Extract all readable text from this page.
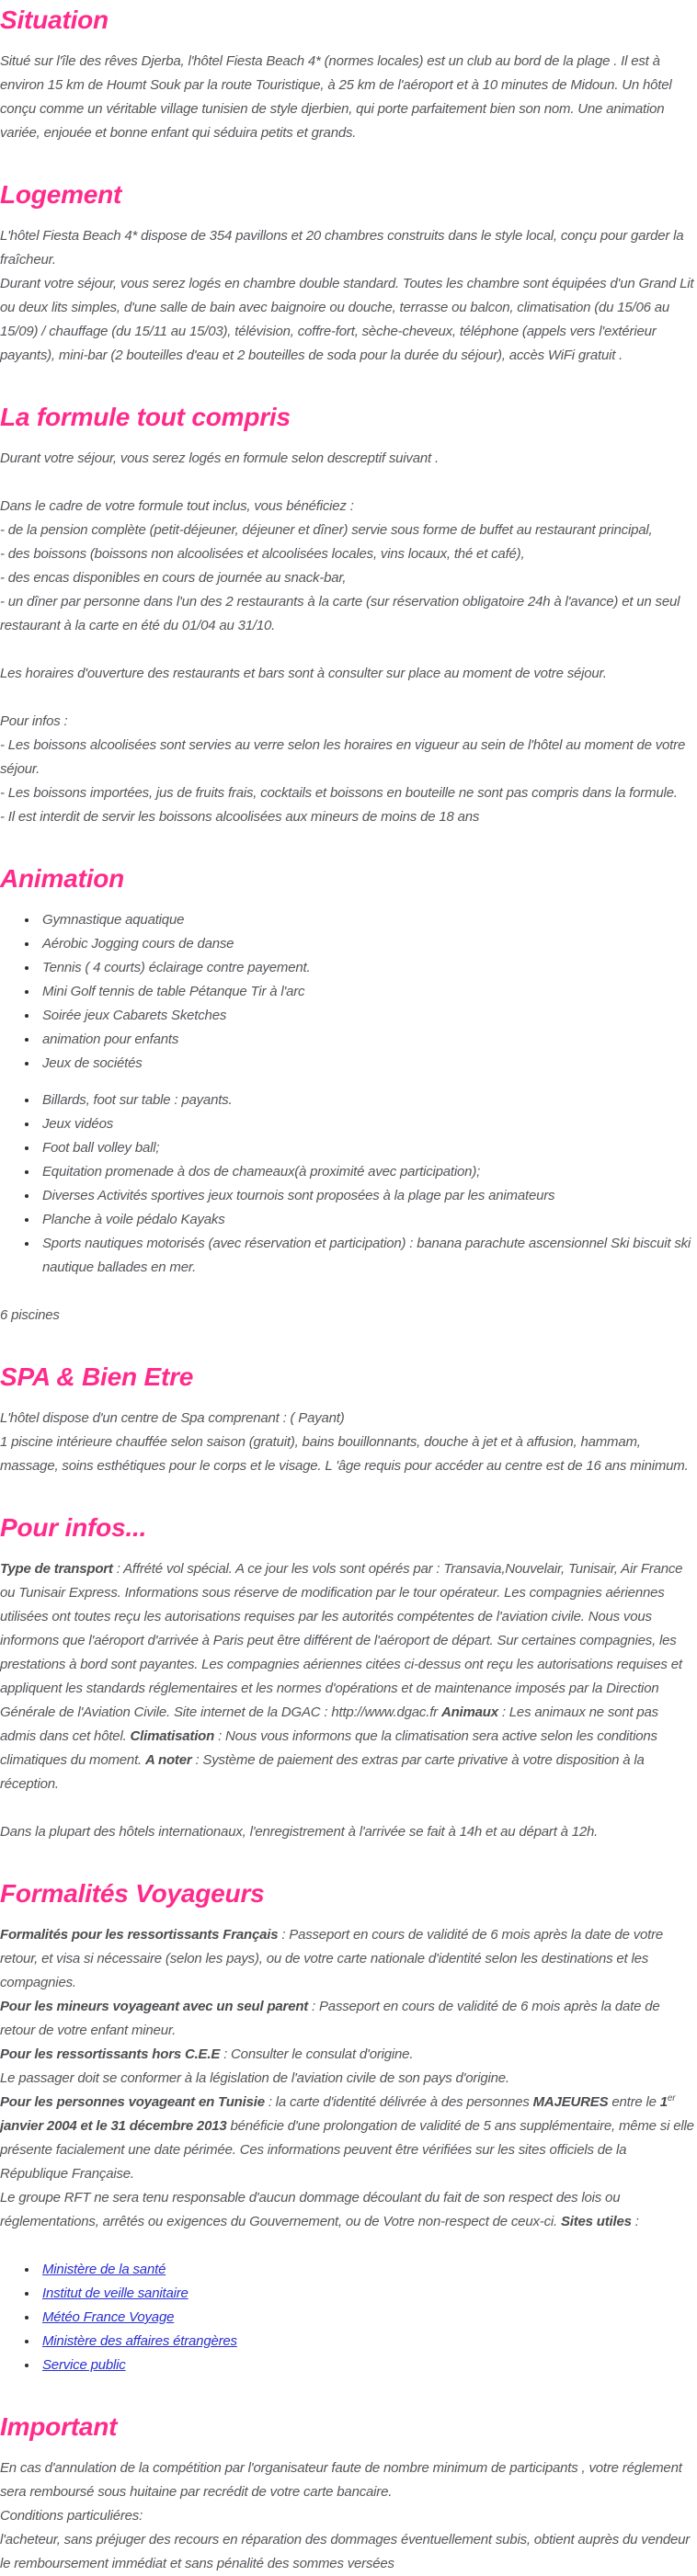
Situation

Situé sur l'île des rêves Djerba, l'hôtel Fiesta Beach 4* (normes locales) est un club au bord de la plage . Il est à environ 15 km de Houmt Souk par la route Touristique, à 25 km de l'aéroport et à 10 minutes de Midoun. Un hôtel conçu comme un véritable village tunisien de style djerbien, qui porte parfaitement bien son nom. Une animation variée, enjouée et bonne enfant qui séduira petits et grands.

Logement

L'hôtel Fiesta Beach 4* dispose de 354 pavillons et 20 chambres construits dans le style local, conçu pour garder la fraîcheur.

Durant votre séjour, vous serez logés en chambre double standard. Toutes les chambre sont équipées d'un Grand Lit ou deux lits simples, d'une salle de bain avec baignoire ou douche, terrasse ou balcon, climatisation (du 15/06 au 15/09) / chauffage (du 15/11 au 15/03), télévision, coffre-fort, sèche-cheveux, téléphone (appels vers l'extérieur payants), mini-bar (2 bouteilles d'eau et 2 bouteilles de soda pour la durée du séjour), accès WiFi gratuit .

La formule tout compris

Durant votre séjour, vous serez logés en formule selon descreptif suivant .

Dans le cadre de votre formule tout inclus, vous bénéficiez :

- de la pension complète (petit-déjeuner, déjeuner et dîner) servie sous forme de buffet au restaurant principal,

- des boissons (boissons non alcoolisées et alcoolisées locales, vins locaux, thé et café),

- des encas disponibles en cours de journée au snack-bar,

- un dîner par personne dans l'un des 2 restaurants à la carte (sur réservation obligatoire 24h à l'avance) et un seul restaurant à la carte en été du 01/04 au 31/10.

Les horaires d'ouverture des restaurants et bars sont à consulter sur place au moment de votre séjour.

Pour infos :

- Les boissons alcoolisées sont servies au verre selon les horaires en vigueur au sein de l'hôtel au moment de votre séjour.

- Les boissons importées, jus de fruits frais, cocktails et boissons en bouteille ne sont pas compris dans la formule.

- Il est interdit de servir les boissons alcoolisées aux mineurs de moins de 18 ans

Animation
• Gymnastique aquatique
• Aérobic Jogging cours de danse
• Tennis ( 4 courts) éclairage contre payement.
• Mini Golf tennis de table Pétanque Tir à l'arc
• Soirée jeux Cabarets Sketches
• animation pour enfants
• Jeux de sociétés
• Billards, foot sur table : payants.
• Jeux vidéos
• Foot ball volley ball;
• Equitation promenade à dos de chameaux(à proximité avec participation);
• Diverses Activités sportives jeux tournois sont proposées à la plage par les animateurs
• Planche à voile pédalo Kayaks
• Sports nautiques motorisés (avec réservation et participation) : banana parachute ascensionnel Ski biscuit ski nautique ballades en mer.

6 piscines

SPA & Bien Etre

L'hôtel dispose d'un centre de Spa comprenant : ( Payant)

1 piscine intérieure chauffée selon saison (gratuit), bains bouillonnants, douche à jet et à affusion, hammam, massage, soins esthétiques pour le corps et le visage. L 'âge requis pour accéder au centre est de 16 ans minimum.

Pour infos...

Type de transport : Affrété vol spécial. A ce jour les vols sont opérés par : Transavia,Nouvelair, Tunisair, Air France ou Tunisair Express. Informations sous réserve de modification par le tour opérateur. Les compagnies aériennes utilisées ont toutes reçu les autorisations requises par les autorités compétentes de l'aviation civile. Nous vous informons que l'aéroport d'arrivée à Paris peut être différent de l'aéroport de départ. Sur certaines compagnies, les prestations à bord sont payantes. Les compagnies aériennes citées ci-dessus ont reçu les autorisations requises et appliquent les standards réglementaires et les normes d'opérations et de maintenance imposés par la Direction Générale de l'Aviation Civile. Site internet de la DGAC : http://www.dgac.fr Animaux : Les animaux ne sont pas admis dans cet hôtel. Climatisation : Nous vous informons que la climatisation sera active selon les conditions climatiques du moment. A noter : Système de paiement des extras par carte privative à votre disposition à la réception.

Dans la plupart des hôtels internationaux, l'enregistrement à l'arrivée se fait à 14h et au départ à 12h.

Formalités Voyageurs

Formalités pour les ressortissants Français : Passeport en cours de validité de 6 mois après la date de votre retour, et visa si nécessaire (selon les pays), ou de votre carte nationale d'identité selon les destinations et les compagnies.

Pour les mineurs voyageant avec un seul parent : Passeport en cours de validité de 6 mois après la date de retour de votre enfant mineur.

Pour les ressortissants hors C.E.E : Consulter le consulat d'origine.

Le passager doit se conformer à la législation de l'aviation civile de son pays d'origine.

Pour les personnes voyageant en Tunisie : la carte d'identité délivrée à des personnes MAJEURES entre le 1er janvier 2004 et le 31 décembre 2013 bénéficie d'une prolongation de validité de 5 ans supplémentaire, même si elle présente facialement une date périmée. Ces informations peuvent être vérifiées sur les sites officiels de la République Française.

Le groupe RFT ne sera tenu responsable d'aucun dommage découlant du fait de son respect des lois ou réglementations, arrêtés ou exigences du Gouvernement, ou de Votre non-respect de ceux-ci. Sites utiles :

• Ministère de la santé
• Institut de veille sanitaire
• Météo France Voyage
• Ministère des affaires étrangères
• Service public
Important

En cas d'annulation de la compétition par l'organisateur faute de nombre minimum de participants , votre réglement sera remboursé sous huitaine par recrédit de votre carte bancaire.

Conditions particuliéres:

l'acheteur, sans préjuger des recours en réparation des dommages éventuellement subis, obtient auprès du vendeur le remboursement immédiat et sans pénalité des sommes versées
